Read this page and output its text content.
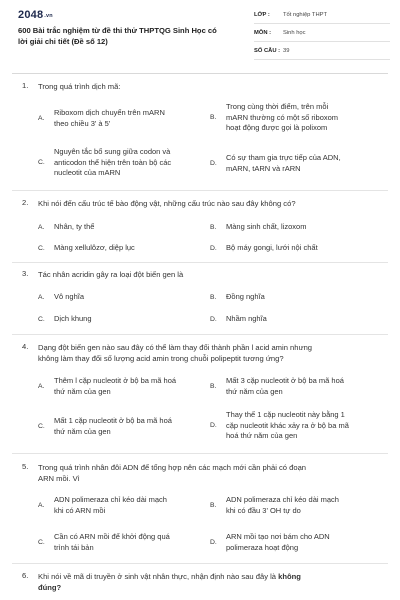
2048.vn
600 Bài trắc nghiệm từ đề thi thử THPTQG Sinh Học có lời giải chi tiết (Đề số 12)
LỚP : Tốt nghiệp THPT
MÔN : Sinh học
SỐ CÂU : 39
1. Trong quá trình dịch mã:
A.
Riboxom dịch chuyển trên mARN
theo chiều 3' à 5'
B.
Trong cùng thời điểm, trên mỗi
mARN thường có một số riboxom
hoạt động được gọi là polixom
C.
Nguyên tắc bổ sung giữa codon và
anticodon thể hiện trên toàn bộ các
nucleotit của mARN
D.
Có sự tham gia trực tiếp của ADN,
mARN, tARN và rARN
2. Khi nói đến cấu trúc tế bào động vật, những cấu trúc nào sau đây không có?
A. Nhân, ty thể	B. Màng sinh chất, lizoxom
C. Màng xellulôzơ, diệp lục	D. Bộ máy gongi, lưới nội chất
3. Tác nhân acridin gây ra loại đột biến gen là
A. Vô nghĩa	B. Đồng nghĩa
C. Dịch khung	D. Nhầm nghĩa
4. Dạng đột biến gen nào sau đây có thể làm thay đổi thành phần l acid amin nhưng
không làm thay đổi số lượng acid amin trong chuỗi polipeptit tương ứng?
A.
Thêm l cặp nucleotit ở bộ ba mã hoá
thứ năm của gen	B.
Mất 3 cặp nucleotit ở bộ ba mã hoá
thứ năm của gen
C.
Mất 1 cặp nucleotit ở bộ ba mã hoá
thứ năm của gen
D.
Thay thế 1 cặp nucleotit này bằng 1
cặp nucleotit khác xảy ra ở bộ ba mã
hoá thứ năm của gen
5. Trong quá trình nhân đôi ADN để tổng hợp nên các mạch mới cần phải có đoạn
ARN mồi. Vì
A.
ADN polimeraza chỉ kéo dài mạch
khi có ARN mồi	B.
ADN polimeraza chỉ kéo dài mạch
khi có đầu 3' OH tự do
C.
Cần có ARN mồi để khởi động quá
trình tái bản	D.
ARN mồi tạo nơi bám cho ADN
polimeraza hoạt động
6. Khi nói về mã di truyền ở sinh vật nhân thực, nhận định nào sau đây là không
đúng?
